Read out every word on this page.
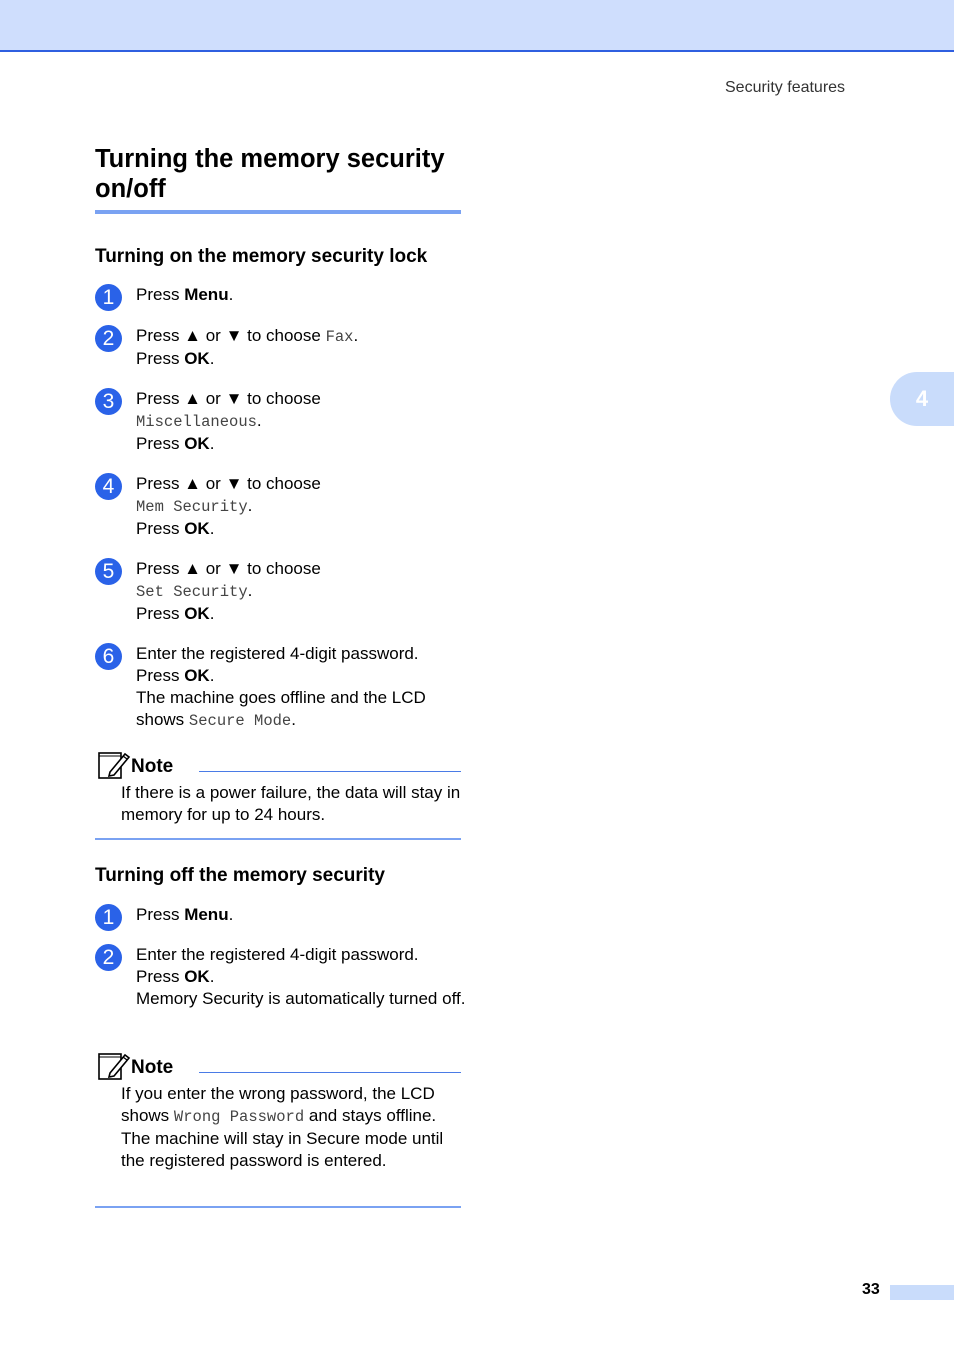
Security features
4
Turning the memory security on/off
Turning on the memory security lock
1	Press Menu.

2	Press ▲ or ▼ to choose Fax.

Press OK.

3	Press ▲ or ▼ to choose

Miscellaneous.

Press OK.

4	Press ▲ or ▼ to choose

Mem Security.

Press OK.

5	Press ▲ or ▼ to choose

Set Security.

Press OK.

6	Enter the registered 4-digit password.

Press OK.

The machine goes offline and the LCD

shows Secure Mode.

Note

If there is a power failure, the data will stay in memory for up to 24 hours.

Turning off the memory security
1	Press Menu.

2	Enter the registered 4-digit password.

Press OK.

Memory Security is automatically turned off.

Note

If you enter the wrong password, the LCD shows Wrong Password and stays offline. The machine will stay in Secure mode until the registered password is entered.

33
